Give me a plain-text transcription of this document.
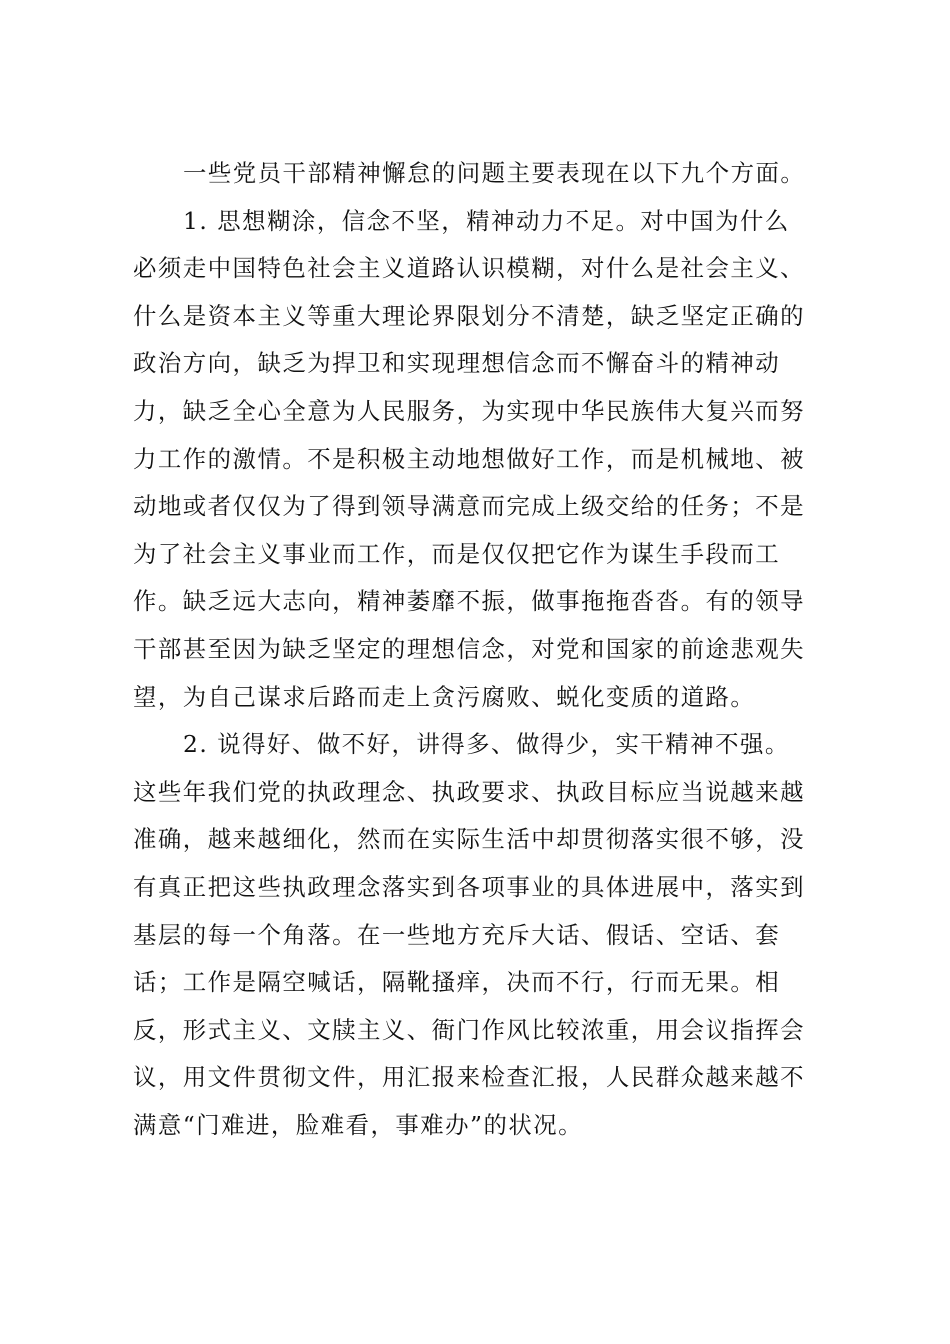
一些党员干部精神懈怠的问题主要表现在以下九个方面。
1. 思想糊涂，信念不坚，精神动力不足。对中国为什么
必须走中国特色社会主义道路认识模糊，对什么是社会主义、
什么是资本主义等重大理论界限划分不清楚，缺乏坚定正确的
政治方向，缺乏为捍卫和实现理想信念而不懈奋斗的精神动
力，缺乏全心全意为人民服务，为实现中华民族伟大复兴而努
力工作的激情。不是积极主动地想做好工作，而是机械地、被
动地或者仅仅为了得到领导满意而完成上级交给的任务；不是
为了社会主义事业而工作，而是仅仅把它作为谋生手段而工
作。缺乏远大志向，精神萎靡不振，做事拖拖沓沓。有的领导
干部甚至因为缺乏坚定的理想信念，对党和国家的前途悲观失
望，为自己谋求后路而走上贪污腐败、蜕化变质的道路。
2. 说得好、做不好，讲得多、做得少，实干精神不强。
这些年我们党的执政理念、执政要求、执政目标应当说越来越
准确，越来越细化，然而在实际生活中却贯彻落实很不够，没
有真正把这些执政理念落实到各项事业的具体进展中，落实到
基层的每一个角落。在一些地方充斥大话、假话、空话、套
话；工作是隔空喊话，隔靴搔痒，决而不行，行而无果。相
反，形式主义、文牍主义、衙门作风比较浓重，用会议指挥会
议，用文件贯彻文件，用汇报来检查汇报，人民群众越来越不
满意“门难进，脸难看，事难办”的状况。
